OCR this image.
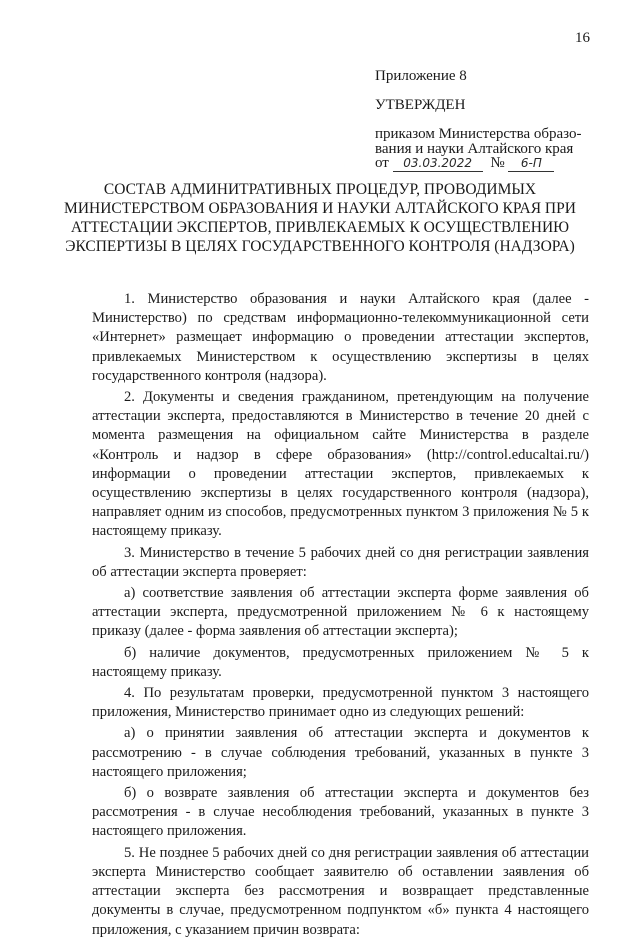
16
Приложение 8
УТВЕРЖДЕН
приказом Министерства образо-
вания и науки Алтайского края
от 03.03.2022 № 6-П
СОСТАВ АДМИНИТРАТИВНЫХ ПРОЦЕДУР, ПРОВОДИМЫХ МИНИСТЕРСТВОМ ОБРАЗОВАНИЯ И НАУКИ АЛТАЙСКОГО КРАЯ ПРИ АТТЕСТАЦИИ ЭКСПЕРТОВ, ПРИВЛЕКАЕМЫХ К ОСУЩЕСТВЛЕНИЮ ЭКСПЕРТИЗЫ В ЦЕЛЯХ ГОСУДАРСТВЕННОГО КОНТРОЛЯ (НАДЗОРА)

1. Министерство образования и науки Алтайского края (далее - Министерство) по средствам информационно-телекоммуникационной сети «Интернет» размещает информацию о проведении аттестации экспертов, привлекаемых Министерством к осуществлению экспертизы в целях государственного контроля (надзора).

2. Документы и сведения гражданином, претендующим на получение аттестации эксперта, предоставляются в Министерство в течение 20 дней с момента размещения на официальном сайте Министерства в разделе «Контроль и надзор в сфере образования» (http://control.educaltai.ru/) информации о проведении аттестации экспертов, привлекаемых к осуществлению экспертизы в целях государственного контроля (надзора), направляет одним из способов, предусмотренных пунктом 3 приложения № 5 к настоящему приказу.

3. Министерство в течение 5 рабочих дней со дня регистрации заявления об аттестации эксперта проверяет:

а) соответствие заявления об аттестации эксперта форме заявления об аттестации эксперта, предусмотренной приложением № 6 к настоящему приказу (далее - форма заявления об аттестации эксперта);

б) наличие документов, предусмотренных приложением № 5 к настоящему приказу.

4. По результатам проверки, предусмотренной пунктом 3 настоящего приложения, Министерство принимает одно из следующих решений:

а) о принятии заявления об аттестации эксперта и документов к рассмотрению - в случае соблюдения требований, указанных в пункте 3 настоящего приложения;

б) о возврате заявления об аттестации эксперта и документов без рассмотрения - в случае несоблюдения требований, указанных в пункте 3 настоящего приложения.

5. Не позднее 5 рабочих дней со дня регистрации заявления об аттестации эксперта Министерство сообщает заявителю об оставлении заявления об аттестации эксперта без рассмотрения и возвращает представленные документы в случае, предусмотренном подпунктом «б» пункта 4 настоящего приложения, с указанием причин возврата:
